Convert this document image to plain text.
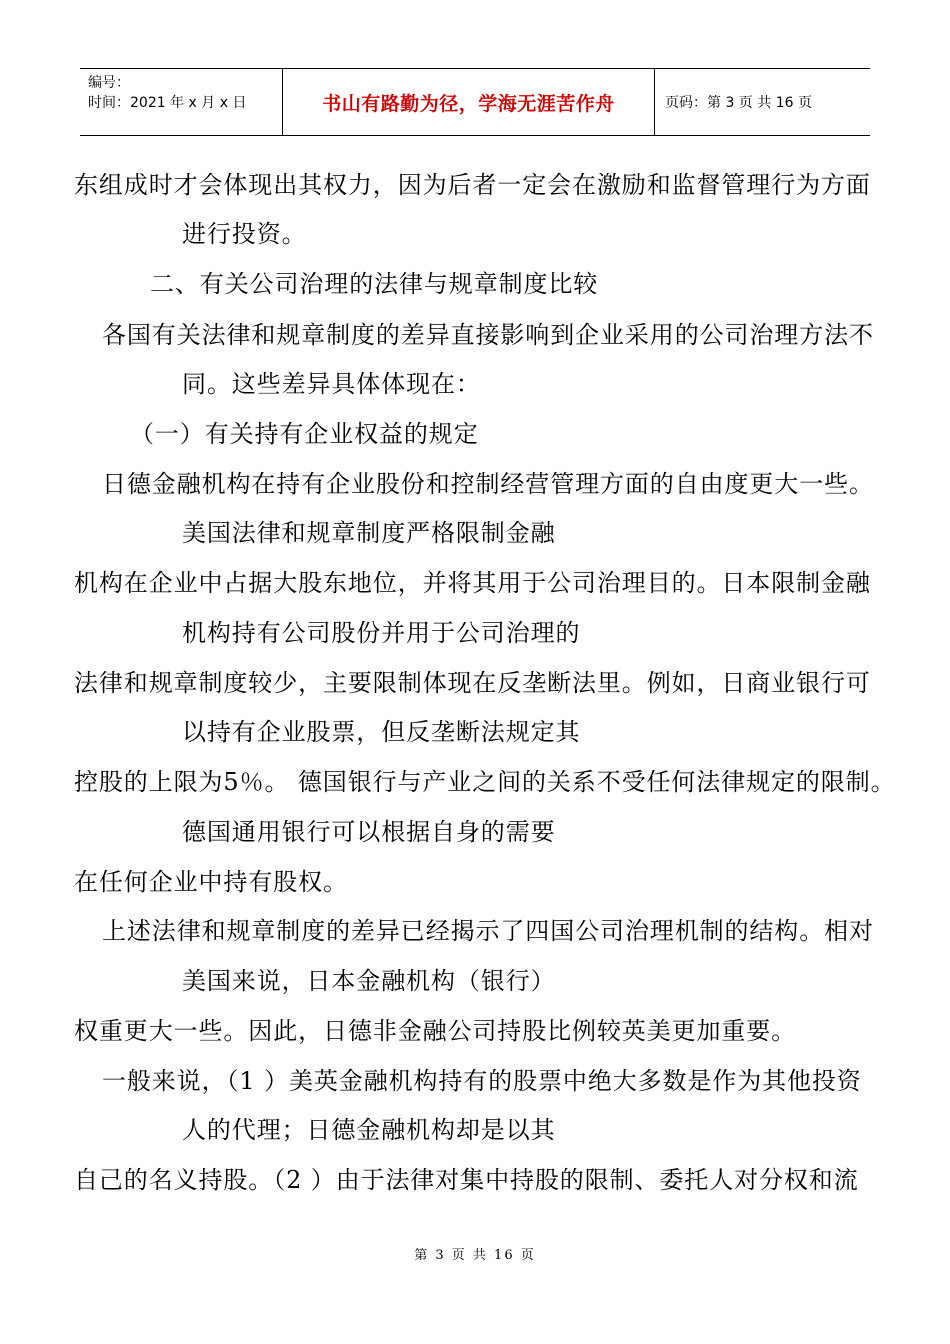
编号：
时间：2021 年 x 月 x 日	书山有路勤为径，学海无涯苦作舟	页码：第 3 页 共 16 页
东组成时才会体现出其权力，因为后者一定会在激励和监督管理行为方面
进行投资。
二、有关公司治理的法律与规章制度比较
各国有关法律和规章制度的差异直接影响到企业采用的公司治理方法不
同。这些差异具体体现在：
（一）有关持有企业权益的规定
日德金融机构在持有企业股份和控制经营管理方面的自由度更大一些。
美国法律和规章制度严格限制金融
机构在企业中占据大股东地位，并将其用于公司治理目的。日本限制金融
机构持有公司股份并用于公司治理的
法律和规章制度较少，主要限制体现在反垄断法里。例如，日商业银行可
以持有企业股票，但反垄断法规定其
控股的上限为5％。 德国银行与产业之间的关系不受任何法律规定的限制。
德国通用银行可以根据自身的需要
在任何企业中持有股权。
上述法律和规章制度的差异已经揭示了四国公司治理机制的结构。相对
美国来说，日本金融机构（银行）
权重更大一些。因此，日德非金融公司持股比例较英美更加重要。
一般来说，（1 ）美英金融机构持有的股票中绝大多数是作为其他投资
人的代理；日德金融机构却是以其
自己的名义持股。（2 ）由于法律对集中持股的限制、委托人对分权和流
第 3 页 共 16 页
